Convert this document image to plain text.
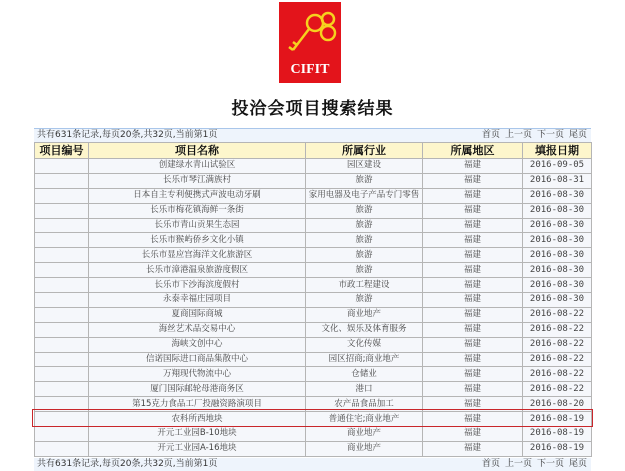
CIFIT
投洽会项目搜索结果
共有631条记录,每页20条,共32页,当前第1页	首页 上一页 下一页 尾页
项目编号	项目名称	所属行业	所属地区	填报日期
	创建绿水青山试验区	园区建设	福建	2016-09-05
	长乐市琴江满族村	旅游	福建	2016-08-31
	日本自主专利便携式声波电动牙刷	家用电器及电子产品专门零售	福建	2016-08-30
	长乐市梅花镇海鲜一条街	旅游	福建	2016-08-30
	长乐市青山贡果生态园	旅游	福建	2016-08-30
	长乐市猴屿侨乡文化小镇	旅游	福建	2016-08-30
	长乐市显应宫海洋文化旅游区	旅游	福建	2016-08-30
	长乐市漳港温泉旅游度假区	旅游	福建	2016-08-30
	长乐市下沙海滨度假村	市政工程建设	福建	2016-08-30
	永泰幸福庄园项目	旅游	福建	2016-08-30
	夏商国际商城	商业地产	福建	2016-08-22
	海丝艺术品交易中心	文化、娱乐及体育服务	福建	2016-08-22
	海峡文创中心	文化传媒	福建	2016-08-22
	信诺国际进口商品集散中心	园区招商;商业地产	福建	2016-08-22
	万翔现代物流中心	仓储业	福建	2016-08-22
	厦门国际邮轮母港商务区	港口	福建	2016-08-22
	第15克力食品工厂投融资路演项目	农产品食品加工	福建	2016-08-20
	农科所西地块	普通住宅;商业地产	福建	2016-08-19
	开元工业园B-10地块	商业地产	福建	2016-08-19
	开元工业园A-16地块	商业地产	福建	2016-08-19
共有631条记录,每页20条,共32页,当前第1页	首页 上一页 下一页 尾页
